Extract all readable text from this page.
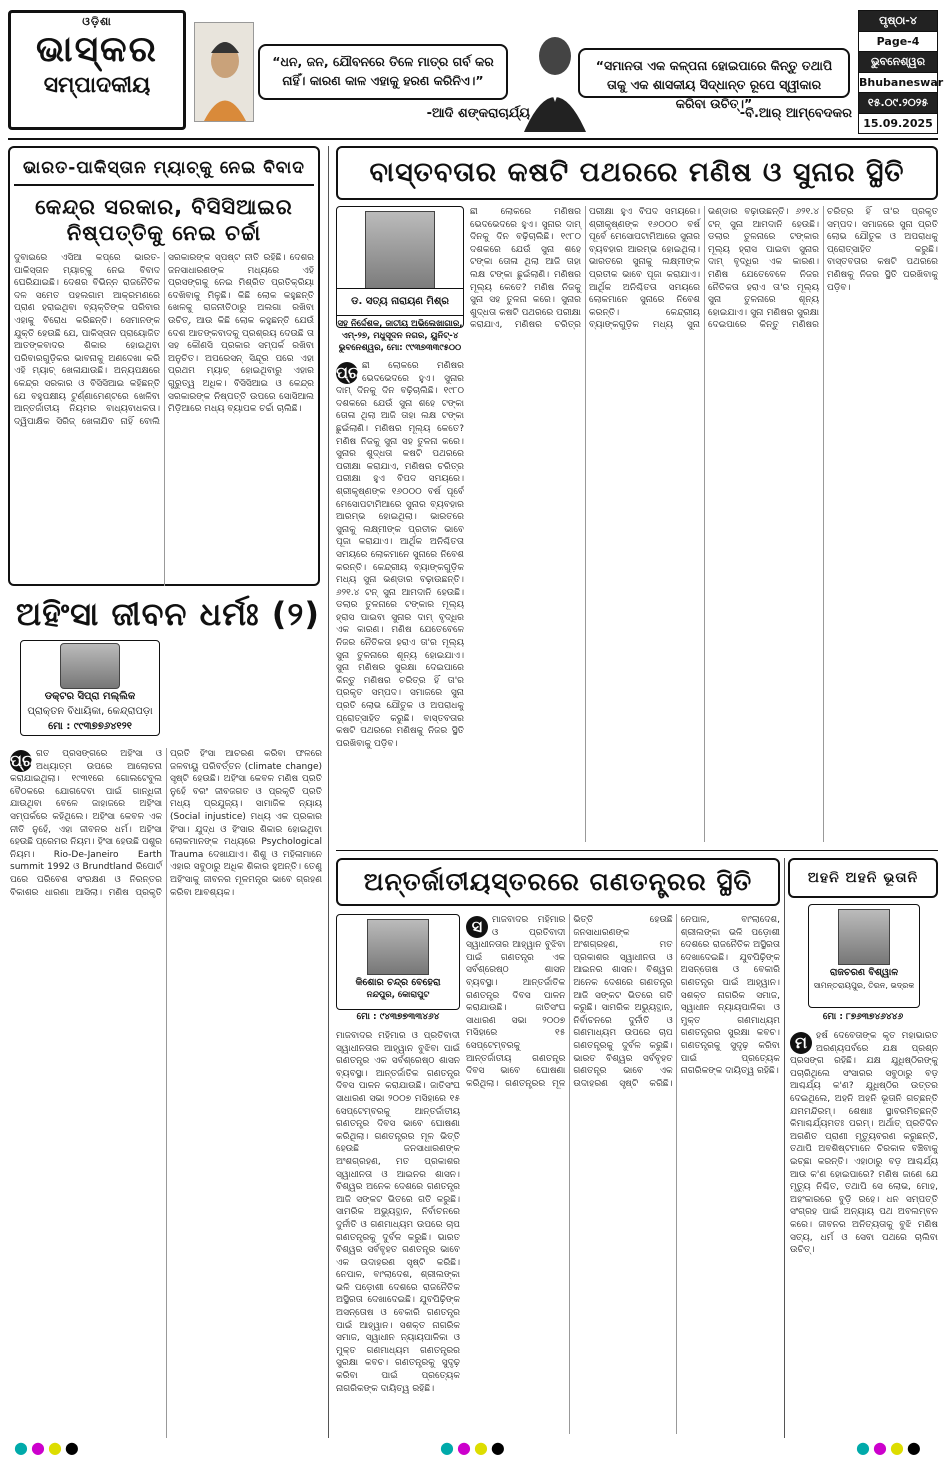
ଓଡ଼ିଶା
ଭାସ୍କର
ସମ୍ପାଦକୀୟ
“ଧନ, ଜନ, ଯୌବନରେ ତିଳେ ମାତ୍ର ଗର୍ବ କର ନାହିଁ। କାରଣ କାଳ ଏହାକୁ ହରଣ କରିନିଏ।”
-ଆଦି ଶଙ୍କରାଚାର୍ଯ୍ୟ
“ସମାନତା ଏକ କଳ୍ପନା ହୋଇପାରେ କିନ୍ତୁ ତଥାପି ତାକୁ ଏକ ଶାସକୀୟ ସିଦ୍ଧାନ୍ତ ରୂପେ ସ୍ୱୀକାର କରିବା ଉଚିତ୍।”
-ବି.ଆର୍ ଆମ୍ବେଦକର
ପୃଷ୍ଠା-୪
Page-4
ଭୁବନେଶ୍ୱର
Bhubaneswar
୧୫.୦୯.୨୦୨୫
15.09.2025
ଭାରତ-ପାକିସ୍ତାନ ମ୍ୟାଚ୍‌କୁ ନେଇ ବିବାଦ
କେନ୍ଦ୍ର ସରକାର, ବିସିସିଆଇର ନିଷ୍ପତ୍ତିକୁ ନେଇ ଚର୍ଚ୍ଚା
ଦୁବାଇରେ ଏସିଆ କପ୍‌ରେ ଭାରତ-ପାକିସ୍ତାନ ମ୍ୟାଚ୍‌କୁ ନେଇ ବିବାଦ ଘେରିଯାଇଛି। ଦେଶର ବିଭିନ୍ନ ରାଜନୈତିକ ଦଳ ସମେତ ପହଲଗାମ ଆକ୍ରମଣରେ ପ୍ରାଣ ହରାଇଥିବା ବ୍ୟକ୍ତିଙ୍କ ପରିବାର ଏହାକୁ ବିରୋଧ କରିଛନ୍ତି। ସେମାନଙ୍କ ଯୁକ୍ତି ହେଉଛି ଯେ, ପାକିସ୍ତାନ ପ୍ରାୟୋଜିତ ଆତଙ୍କବାଦର ଶିକାର ହୋଇଥିବା ପରିବାରଗୁଡ଼ିକର ଭାବନାକୁ ଅଣଦେଖା କରି ଏହି ମ୍ୟାଚ୍ ଖେଳାଯାଉଛି। ଅନ୍ୟପକ୍ଷରେ କେନ୍ଦ୍ର ସରକାର ଓ ବିସିସିଆଇ କହିଛନ୍ତି ଯେ ବହୁପକ୍ଷୀୟ ଟୁର୍ଣ୍ଣାମେଣ୍ଟରେ ଖେଳିବା ଆନ୍ତର୍ଜାତୀୟ ନିୟମର ବାଧ୍ୟବାଧକତା। ଦ୍ୱିପାକ୍ଷିକ ସିରିଜ୍ ଖେଳାଯିବ ନାହିଁ ବୋଲି ସରକାରଙ୍କ ସ୍ପଷ୍ଟ ନୀତି ରହିଛି। ଦେଶର ଜନସାଧାରଣଙ୍କ ମଧ୍ୟରେ ଏହି ପ୍ରସଙ୍ଗକୁ ନେଇ ମିଶ୍ରିତ ପ୍ରତିକ୍ରିୟା ଦେଖିବାକୁ ମିଳୁଛି। କିଛି ଲୋକ କହୁଛନ୍ତି ଖେଳକୁ ରାଜନୀତିଠାରୁ ଅଲଗା ରଖିବା ଉଚିତ୍, ଆଉ କିଛି ଲୋକ କହୁଛନ୍ତି ଯେଉଁ ଦେଶ ଆତଙ୍କବାଦକୁ ପ୍ରଶ୍ରୟ ଦେଉଛି ତା ସହ କୌଣସି ପ୍ରକାର ସମ୍ପର୍କ ରଖିବା ଅନୁଚିତ। ଅପରେସନ୍ ସିନ୍ଦୂର ପରେ ଏହା ପ୍ରଥମ ମ୍ୟାଚ୍ ହୋଇଥିବାରୁ ଏହାର ଗୁରୁତ୍ୱ ଅଧିକ। ବିସିସିଆଇ ଓ କେନ୍ଦ୍ର ସରକାରଙ୍କ ନିଷ୍ପତ୍ତି ଉପରେ ସୋସିଆଲ ମିଡ଼ିଆରେ ମଧ୍ୟ ବ୍ୟାପକ ଚର୍ଚ୍ଚା ଚାଲିଛି।
ଅହିଂସା ଜୀବନ ଧର୍ମଃ (୨)
ଡକ୍ଟର ସିପ୍ରା ମଲ୍ଲିକ
ପ୍ରାକ୍ତନ ବିଧାୟିକା, କେନ୍ଦ୍ରାପଡ଼ା
ମୋ : ୯୯୩୭୭୬୪୧୨୧
ପ୍ର ଗତ ପ୍ରସଙ୍ଗରେ ଅହିଂସା ଓ ଅଧ୍ୟାତ୍ମ ଉପରେ ଆଲୋଚନା କରାଯାଇଥିଲା। ୧୯୩୧ରେ ଗୋଲଟେବୁଲ ବୈଠକରେ ଯୋଗଦେବା ପାଇଁ ଗାନ୍ଧିଜୀ ଯାଉଥିବା ବେଳେ ଜାହାଜରେ ଅହିଂସା ସମ୍ପର୍କରେ କହିଥିଲେ। ଅହିଂସା କେବଳ ଏକ ନୀତି ନୁହେଁ, ଏହା ଜୀବନର ଧର୍ମ। ଅହିଂସା ହେଉଛି ପ୍ରେମର ନିୟମ। ହିଂସା ହେଉଛି ପଶୁର ନିୟମ। Rio-De-Janeiro Earth summit 1992 ଓ Brundtland ରିପୋର୍ଟ ପରେ ପରିବେଶ ସଂରକ୍ଷଣ ଓ ନିରନ୍ତର ବିକାଶର ଧାରଣା ଆସିଲା। ମଣିଷ ପ୍ରକୃତି ପ୍ରତି ହିଂସା ଆଚରଣ କରିବା ଫଳରେ ଜଳବାୟୁ ପରିବର୍ତ୍ତନ (climate change) ସୃଷ୍ଟି ହେଉଛି। ଅହିଂସା କେବଳ ମଣିଷ ପ୍ରତି ନୁହେଁ ବରଂ ଜୀବଜଗତ ଓ ପ୍ରକୃତି ପ୍ରତି ମଧ୍ୟ ପ୍ରଯୁଜ୍ୟ। ସାମାଜିକ ନ୍ୟାୟ (Social injustice) ମଧ୍ୟ ଏକ ପ୍ରକାର ହିଂସା। ଯୁଦ୍ଧ ଓ ହିଂସାର ଶିକାର ହୋଇଥିବା ଲୋକମାନଙ୍କ ମଧ୍ୟରେ Psychological Trauma ଦେଖାଯାଏ। ଶିଶୁ ଓ ମହିଳାମାନେ ଏହାର ସବୁଠାରୁ ଅଧିକ ଶିକାର ହୁଅନ୍ତି। ତେଣୁ ଅହିଂସାକୁ ଜୀବନର ମୂଳମନ୍ତ୍ର ଭାବେ ଗ୍ରହଣ କରିବା ଆବଶ୍ୟକ।
ବାସ୍ତବତାର କଷଟି ପଥରରେ ମଣିଷ ଓ ସୁନାର ସ୍ଥିତି
ଡ. ସତ୍ୟ ନାରାୟଣ ମିଶ୍ର
ସହ ନିର୍ଦ୍ଦେଶକ, ଜାତୀୟ ଅଭିଲେଖାଗାର,
ଏମ୍-୨୭, ମଧୁସୂଦନ ନଗର, ୟୁନିଟ୍-୪
ଭୁବନେଶ୍ୱର, ମୋ: ୯୯୩୭୩୩୯୫୦୦
ଛୀ ଲୋକରେ ମଣିଷର ଭେଦଭେଦରେ ହୁଏ। ସୁନାର ଦାମ୍ ଦିନକୁ ଦିନ ବଢ଼ିଚାଲିଛି। ୧୯୮୦ ଦଶକରେ ଯେଉଁ ସୁନା ଶହେ ଟଙ୍କା ତୋଳା ଥିଲା ଆଜି ତାହା ଲକ୍ଷ ଟଙ୍କା ଛୁଇଁଲାଣି। ମଣିଷର ମୂଲ୍ୟ କେତେ? ମଣିଷ ନିଜକୁ ସୁନା ସହ ତୁଳନା କରେ। ସୁନାର ଶୁଦ୍ଧତା କଷଟି ପଥରରେ ପରୀକ୍ଷା କରାଯାଏ, ମଣିଷର ଚରିତ୍ର ପରୀକ୍ଷା ହୁଏ ବିପଦ ସମୟରେ। ଶ୍ରୀକୃଷ୍ଣଙ୍କ ୧୬୦୦୦ ବର୍ଷ ପୂର୍ବେ ମେସୋପଟାମିଆରେ ସୁନାର ବ୍ୟବହାର ଆରମ୍ଭ ହୋଇଥିଲା। ଭାରତରେ ସୁନାକୁ ଲକ୍ଷ୍ମୀଙ୍କ ପ୍ରତୀକ ଭାବେ ପୂଜା କରାଯାଏ। ଆର୍ଥିକ ଅନିଶ୍ଚିତତା ସମୟରେ ଲୋକମାନେ ସୁନାରେ ନିବେଶ କରନ୍ତି। କେନ୍ଦ୍ରୀୟ ବ୍ୟାଙ୍କଗୁଡ଼ିକ ମଧ୍ୟ ସୁନା ଭଣ୍ଡାର ବଢ଼ାଉଛନ୍ତି। ୬୨୧.୪ ଟନ୍ ସୁନା ଆମଦାନି ହେଉଛି। ଡଲାର ତୁଳନାରେ ଟଙ୍କାର ମୂଲ୍ୟ ହ୍ରାସ ପାଇବା ସୁନାର ଦାମ୍ ବୃଦ୍ଧିର ଏକ କାରଣ। ମଣିଷ ଯେତେବେଳେ ନିଜର ନୈତିକତା ହରାଏ ତା'ର ମୂଲ୍ୟ ସୁନା ତୁଳନାରେ ଶୂନ୍ୟ ହୋଇଯାଏ। ସୁନା ମଣିଷର ସୁରକ୍ଷା ଦେଇପାରେ କିନ୍ତୁ ମଣିଷର ଚରିତ୍ର ହିଁ ତା'ର ପ୍ରକୃତ ସମ୍ପଦ। ସମାଜରେ ସୁନା ପ୍ରତି ଲୋଭ ଯୌତୁକ ଓ ଅପରାଧକୁ ପ୍ରୋତ୍ସାହିତ କରୁଛି। ବାସ୍ତବତାର କଷଟି ପଥରରେ ମଣିଷକୁ ନିଜର ସ୍ଥିତି ପରଖିବାକୁ ପଡ଼ିବ।
ପ୍ର ଛୀ ଲୋକରେ ମଣିଷର ଭେଦଭେଦରେ ହୁଏ। ସୁନାର ଦାମ୍ ଦିନକୁ ଦିନ ବଢ଼ିଚାଲିଛି। ୧୯୮୦ ଦଶକରେ ଯେଉଁ ସୁନା ଶହେ ଟଙ୍କା ତୋଳା ଥିଲା ଆଜି ତାହା ଲକ୍ଷ ଟଙ୍କା ଛୁଇଁଲାଣି। ମଣିଷର ମୂଲ୍ୟ କେତେ? ମଣିଷ ନିଜକୁ ସୁନା ସହ ତୁଳନା କରେ। ସୁନାର ଶୁଦ୍ଧତା କଷଟି ପଥରରେ ପରୀକ୍ଷା କରାଯାଏ, ମଣିଷର ଚରିତ୍ର ପରୀକ୍ଷା ହୁଏ ବିପଦ ସମୟରେ। ଶ୍ରୀକୃଷ୍ଣଙ୍କ ୧୬୦୦୦ ବର୍ଷ ପୂର୍ବେ ମେସୋପଟାମିଆରେ ସୁନାର ବ୍ୟବହାର ଆରମ୍ଭ ହୋଇଥିଲା। ଭାରତରେ ସୁନାକୁ ଲକ୍ଷ୍ମୀଙ୍କ ପ୍ରତୀକ ଭାବେ ପୂଜା କରାଯାଏ। ଆର୍ଥିକ ଅନିଶ୍ଚିତତା ସମୟରେ ଲୋକମାନେ ସୁନାରେ ନିବେଶ କରନ୍ତି। କେନ୍ଦ୍ରୀୟ ବ୍ୟାଙ୍କଗୁଡ଼ିକ ମଧ୍ୟ ସୁନା ଭଣ୍ଡାର ବଢ଼ାଉଛନ୍ତି। ୬୨୧.୪ ଟନ୍ ସୁନା ଆମଦାନି ହେଉଛି। ଡଲାର ତୁଳନାରେ ଟଙ୍କାର ମୂଲ୍ୟ ହ୍ରାସ ପାଇବା ସୁନାର ଦାମ୍ ବୃଦ୍ଧିର ଏକ କାରଣ। ମଣିଷ ଯେତେବେଳେ ନିଜର ନୈତିକତା ହରାଏ ତା'ର ମୂଲ୍ୟ ସୁନା ତୁଳନାରେ ଶୂନ୍ୟ ହୋଇଯାଏ। ସୁନା ମଣିଷର ସୁରକ୍ଷା ଦେଇପାରେ କିନ୍ତୁ ମଣିଷର ଚରିତ୍ର ହିଁ ତା'ର ପ୍ରକୃତ ସମ୍ପଦ। ସମାଜରେ ସୁନା ପ୍ରତି ଲୋଭ ଯୌତୁକ ଓ ଅପରାଧକୁ ପ୍ରୋତ୍ସାହିତ କରୁଛି। ବାସ୍ତବତାର କଷଟି ପଥରରେ ମଣିଷକୁ ନିଜର ସ୍ଥିତି ପରଖିବାକୁ ପଡ଼ିବ।
ଅନ୍ତର୍ଜାତୀୟସ୍ତରରେ ଗଣତନ୍ତ୍ରର ସ୍ଥିତି
କିଶୋର ଚନ୍ଦ୍ର ବେହେରା
ନନ୍ଦପୁର, କୋରାପୁଟ
ମୋ : ୯୪୩୭୭୩୩୪୬୪
ସ	ମାଜବାଦର ମହିମାର ଓ ପ୍ରତିବାଦୀ ସ୍ୱାଧୀନତାର ଆହ୍ୱାନ ବୁଝିବା ପାଇଁ ଗଣତନ୍ତ୍ର ଏକ ସର୍ବଶ୍ରେଷ୍ଠ ଶାସନ ବ୍ୟବସ୍ଥା। ଆନ୍ତର୍ଜାତିକ ଗଣତନ୍ତ୍ର ଦିବସ ପାଳନ କରାଯାଉଛି। ଜାତିସଂଘ ସାଧାରଣ ସଭା ୨୦୦୭ ମସିହାରେ ୧୫ ସେପ୍ଟେମ୍ବରକୁ ଆନ୍ତର୍ଜାତୀୟ ଗଣତନ୍ତ୍ର ଦିବସ ଭାବେ ଘୋଷଣା କରିଥିଲା। ଗଣତନ୍ତ୍ରର ମୂଳ ଭିତ୍ତି ହେଉଛି ଜନସାଧାରଣଙ୍କ ଅଂଶଗ୍ରହଣ, ମତ ପ୍ରକାଶର ସ୍ୱାଧୀନତା ଓ ଆଇନର ଶାସନ। ବିଶ୍ୱର ଅନେକ ଦେଶରେ ଗଣତନ୍ତ୍ର ଆଜି ସଙ୍କଟ ଭିତରେ ଗତି କରୁଛି। ସାମରିକ ଅଭ୍ୟୁତ୍ଥାନ, ନିର୍ବାଚନରେ ଦୁର୍ନୀତି ଓ ଗଣମାଧ୍ୟମ ଉପରେ ଚାପ ଗଣତନ୍ତ୍ରକୁ ଦୁର୍ବଳ କରୁଛି। ଭାରତ ବିଶ୍ୱର ସର୍ବବୃହତ ଗଣତନ୍ତ୍ର ଭାବେ ଏକ ଉଦାହରଣ ସୃଷ୍ଟି କରିଛି। ନେପାଳ, ବାଂଲାଦେଶ, ଶ୍ରୀଲଙ୍କା ଭଳି ପଡ଼ୋଶୀ ଦେଶରେ ରାଜନୈତିକ ଅସ୍ଥିରତା ଦେଖାଦେଇଛି। ଯୁବପିଢ଼ିଙ୍କ ଅସନ୍ତୋଷ ଓ ବେକାରି ଗଣତନ୍ତ୍ର ପାଇଁ ଆହ୍ୱାନ। ସଶକ୍ତ ନାଗରିକ ସମାଜ, ସ୍ୱାଧୀନ ନ୍ୟାୟପାଳିକା ଓ ମୁକ୍ତ ଗଣମାଧ୍ୟମ ଗଣତନ୍ତ୍ରର ସୁରକ୍ଷା କବଚ। ଗଣତନ୍ତ୍ରକୁ ସୁଦୃଢ଼ କରିବା ପାଇଁ ପ୍ରତ୍ୟେକ ନାଗରିକଙ୍କ ଦାୟିତ୍ୱ ରହିଛି।
ମାଜବାଦର ମହିମାର ଓ ପ୍ରତିବାଦୀ ସ୍ୱାଧୀନତାର ଆହ୍ୱାନ ବୁଝିବା ପାଇଁ ଗଣତନ୍ତ୍ର ଏକ ସର୍ବଶ୍ରେଷ୍ଠ ଶାସନ ବ୍ୟବସ୍ଥା। ଆନ୍ତର୍ଜାତିକ ଗଣତନ୍ତ୍ର ଦିବସ ପାଳନ କରାଯାଉଛି। ଜାତିସଂଘ ସାଧାରଣ ସଭା ୨୦୦୭ ମସିହାରେ ୧୫ ସେପ୍ଟେମ୍ବରକୁ ଆନ୍ତର୍ଜାତୀୟ ଗଣତନ୍ତ୍ର ଦିବସ ଭାବେ ଘୋଷଣା କରିଥିଲା। ଗଣତନ୍ତ୍ରର ମୂଳ ଭିତ୍ତି ହେଉଛି ଜନସାଧାରଣଙ୍କ ଅଂଶଗ୍ରହଣ, ମତ ପ୍ରକାଶର ସ୍ୱାଧୀନତା ଓ ଆଇନର ଶାସନ। ବିଶ୍ୱର ଅନେକ ଦେଶରେ ଗଣତନ୍ତ୍ର ଆଜି ସଙ୍କଟ ଭିତରେ ଗତି କରୁଛି। ସାମରିକ ଅଭ୍ୟୁତ୍ଥାନ, ନିର୍ବାଚନରେ ଦୁର୍ନୀତି ଓ ଗଣମାଧ୍ୟମ ଉପରେ ଚାପ ଗଣତନ୍ତ୍ରକୁ ଦୁର୍ବଳ କରୁଛି। ଭାରତ ବିଶ୍ୱର ସର୍ବବୃହତ ଗଣତନ୍ତ୍ର ଭାବେ ଏକ ଉଦାହରଣ ସୃଷ୍ଟି କରିଛି। ନେପାଳ, ବାଂଲାଦେଶ, ଶ୍ରୀଲଙ୍କା ଭଳି ପଡ଼ୋଶୀ ଦେଶରେ ରାଜନୈତିକ ଅସ୍ଥିରତା ଦେଖାଦେଇଛି। ଯୁବପିଢ଼ିଙ୍କ ଅସନ୍ତୋଷ ଓ ବେକାରି ଗଣତନ୍ତ୍ର ପାଇଁ ଆହ୍ୱାନ। ସଶକ୍ତ ନାଗରିକ ସମାଜ, ସ୍ୱାଧୀନ ନ୍ୟାୟପାଳିକା ଓ ମୁକ୍ତ ଗଣମାଧ୍ୟମ ଗଣତନ୍ତ୍ରର ସୁରକ୍ଷା କବଚ। ଗଣତନ୍ତ୍ରକୁ ସୁଦୃଢ଼ କରିବା ପାଇଁ ପ୍ରତ୍ୟେକ ନାଗରିକଙ୍କ ଦାୟିତ୍ୱ ରହିଛି।
ଅହନି ଅହନି ଭୂତାନି
ରାଜଚରଣ ବିଶ୍ୱାଳ
ସାମନ୍ତରାୟପୁର, ତିରନ, ଭଦ୍ରକ
ମୋ : ୮୭୬୩୭୪୬୪୪୬
ମ	ହର୍ଷ ଦେବେତାଙ୍କ କୃତ ମହାଭାରତ ଅରଣ୍ୟପର୍ବରେ ଯକ୍ଷ ପ୍ରଶ୍ନ ପ୍ରସଙ୍ଗ ରହିଛି। ଯକ୍ଷ ଯୁଧିଷ୍ଠିରଙ୍କୁ ପଚାରିଥିଲେ ସଂସାରର ସବୁଠାରୁ ବଡ଼ ଆଶ୍ଚର୍ଯ୍ୟ କ'ଣ? ଯୁଧିଷ୍ଠିର ଉତ୍ତର ଦେଇଥିଲେ, ଅହନି ଅହନି ଭୂତାନି ଗଚ୍ଛନ୍ତି ଯମମନ୍ଦିରମ୍। ଶେଷାଃ ସ୍ଥାବରମିଚ୍ଛନ୍ତି କିମାଶ୍ଚର୍ଯ୍ୟମତଃ ପରମ୍। ଅର୍ଥାତ୍ ପ୍ରତିଦିନ ଅଗଣିତ ପ୍ରାଣୀ ମୃତ୍ୟୁବରଣ କରୁଛନ୍ତି, ତଥାପି ଅବଶିଷ୍ଟମାନେ ଚିରକାଳ ବଞ୍ଚିବାକୁ ଇଚ୍ଛା କରନ୍ତି। ଏହାଠାରୁ ବଡ଼ ଆଶ୍ଚର୍ଯ୍ୟ ଆଉ କ'ଣ ହୋଇପାରେ? ମଣିଷ ଜାଣେ ଯେ ମୃତ୍ୟୁ ନିଶ୍ଚିତ, ତଥାପି ସେ ଲୋଭ, ମୋହ, ଅହଂକାରରେ ବୁଡ଼ି ରହେ। ଧନ ସମ୍ପତ୍ତି ସଂଗ୍ରହ ପାଇଁ ଅନ୍ୟାୟ ପଥ ଅବଲମ୍ବନ କରେ। ଜୀବନର ଅନିତ୍ୟତାକୁ ବୁଝି ମଣିଷ ସତ୍ୟ, ଧର୍ମ ଓ ସେବା ପଥରେ ଚାଲିବା ଉଚିତ୍।
●●●●	●●●●	●●●●
